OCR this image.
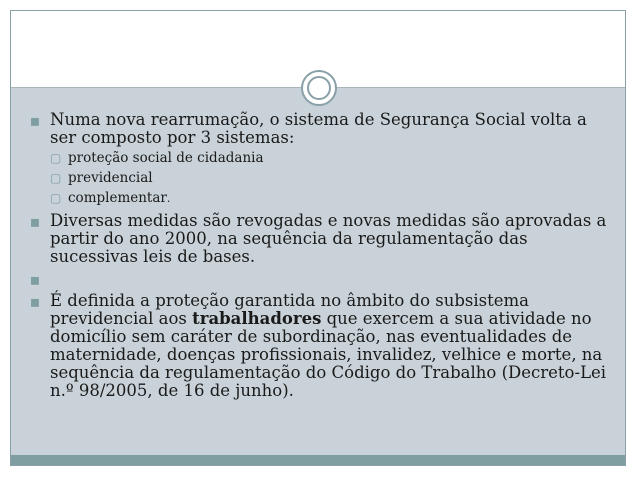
◼ Numa nova rearrumação, o sistema de Segurança Social volta a ser composto por 3 sistemas:
▢ proteção social de cidadania
▢ previdencial
▢ complementar.
◼ Diversas medidas são revogadas e novas medidas são aprovadas a partir do ano 2000, na sequência da regulamentação das sucessivas leis de bases.
◼
◼ É definida a proteção garantida no âmbito do subsistema previdencial aos trabalhadores que exercem a sua atividade no domicílio sem caráter de subordinação, nas eventualidades de maternidade, doenças profissionais, invalidez, velhice e morte, na sequência da regulamentação do Código do Trabalho (Decreto-Lei n.º 98/2005, de 16 de junho).
